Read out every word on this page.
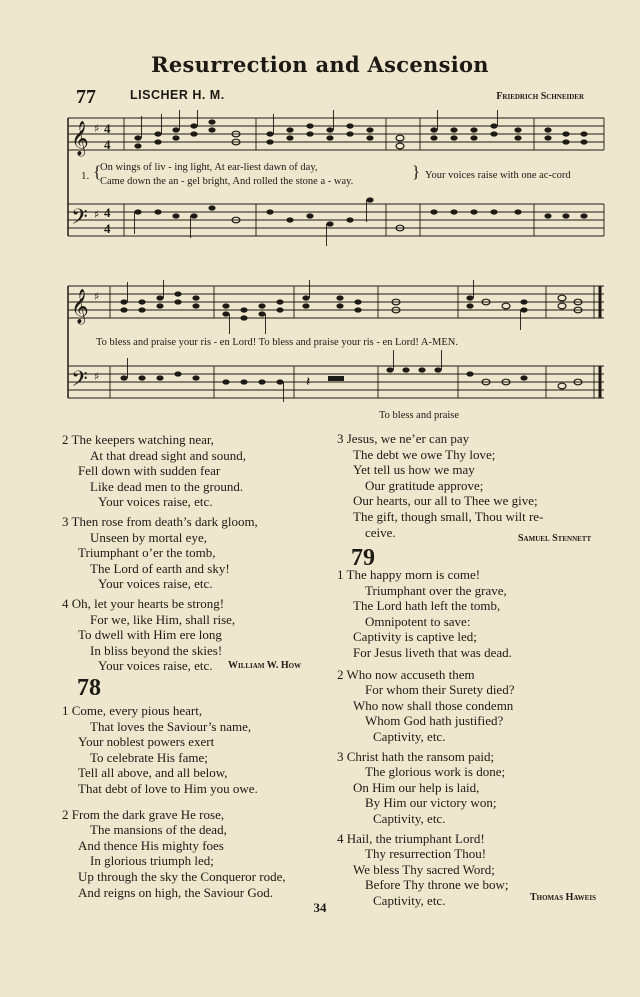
Resurrection and Ascension
77	LISCHER H. M.	Friedrich Schneider
𝄞
𝄢
♯
♯
4
4
4
4
1. {
On wings of liv - ing light, At ear-liest dawn of day,
Came down the an - gel bright, And rolled the stone a - way.
} Your voices raise with one ac-cord
𝄞
𝄢
♯
♯	𝄽
To bless and praise your ris - en Lord! To bless and praise your ris - en Lord! A-MEN.
To bless and praise
2 The keepers watching near,
At that dread sight and sound,
Fell down with sudden fear
Like dead men to the ground.
Your voices raise, etc.
3 Then rose from death’s dark gloom,
Unseen by mortal eye,
Triumphant o’er the tomb,
The Lord of earth and sky!
Your voices raise, etc.
4 Oh, let your hearts be strong!
For we, like Him, shall rise,
To dwell with Him ere long
In bliss beyond the skies!
Your voices raise, etc.	William W. How
78
1 Come, every pious heart,
That loves the Saviour’s name,
Your noblest powers exert
To celebrate His fame;
Tell all above, and all below,
That debt of love to Him you owe.
2 From the dark grave He rose,
The mansions of the dead,
And thence His mighty foes
In glorious triumph led;
Up through the sky the Conqueror rode,
And reigns on high, the Saviour God.
3 Jesus, we ne’er can pay
The debt we owe Thy love;
Yet tell us how we may
Our gratitude approve;
Our hearts, our all to Thee we give;
The gift, though small, Thou wilt re-
ceive.	Samuel Stennett
79
1 The happy morn is come!
Triumphant over the grave,
The Lord hath left the tomb,
Omnipotent to save:
Captivity is captive led;
For Jesus liveth that was dead.
2 Who now accuseth them
For whom their Surety died?
Who now shall those condemn
Whom God hath justified?
Captivity, etc.
3 Christ hath the ransom paid;
The glorious work is done;
On Him our help is laid,
By Him our victory won;
Captivity, etc.
4 Hail, the triumphant Lord!
Thy resurrection Thou!
We bless Thy sacred Word;
Before Thy throne we bow;
Captivity, etc.	Thomas Haweis
34
